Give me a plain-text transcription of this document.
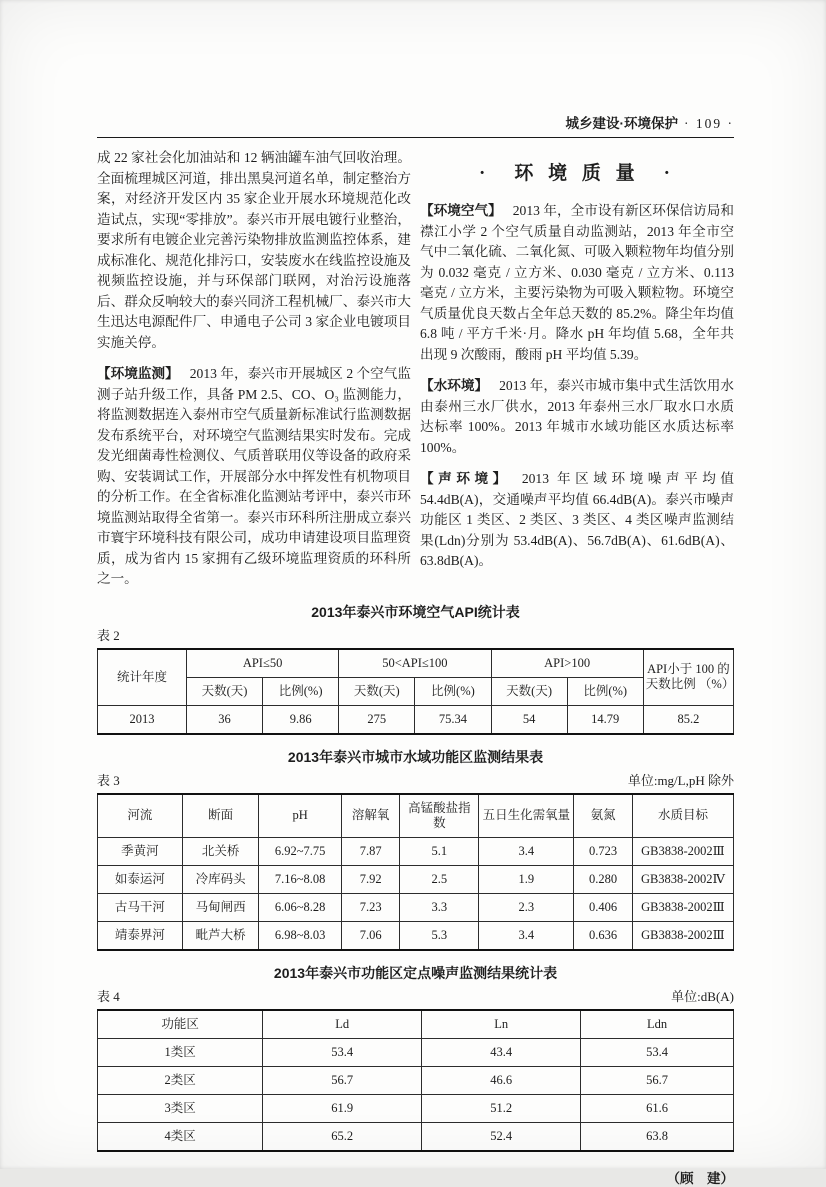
城乡建设·环境保护 · 109 ·

成 22 家社会化加油站和 12 辆油罐车油气回收治理。全面梳理城区河道，排出黑臭河道名单，制定整治方案，对经济开发区内 35 家企业开展水环境规范化改造试点，实现“零排放”。泰兴市开展电镀行业整治，要求所有电镀企业完善污染物排放监测监控体系，建成标准化、规范化排污口，安装废水在线监控设施及视频监控设施，并与环保部门联网，对治污设施落后、群众反响较大的泰兴同济工程机械厂、泰兴市大生迅达电源配件厂、申通电子公司 3 家企业电镀项目实施关停。

【环境监测】 2013 年，泰兴市开展城区 2 个空气监测子站升级工作，具备 PM 2.5、CO、O₃ 监测能力，将监测数据连入泰州市空气质量新标准试行监测数据发布系统平台，对环境空气监测结果实时发布。完成发光细菌毒性检测仪、气质普联用仪等设备的政府采购、安装调试工作，开展部分水中挥发性有机物项目的分析工作。在全省标准化监测站考评中，泰兴市环境监测站取得全省第一。泰兴市环科所注册成立泰兴市寰宇环境科技有限公司，成功申请建设项目监理资质，成为省内 15 家拥有乙级环境监理资质的环科所之一。

·　环 境 质 量　·

【环境空气】 2013 年，全市设有新区环保信访局和襟江小学 2 个空气质量自动监测站，2013 年全市空气中二氧化硫、二氧化氮、可吸入颗粒物年均值分别为 0.032 毫克 / 立方米、0.030 毫克 / 立方米、0.113 毫克 / 立方米，主要污染物为可吸入颗粒物。环境空气质量优良天数占全年总天数的 85.2%。降尘年均值 6.8 吨 / 平方千米·月。降水 pH 年均值 5.68，全年共出现 9 次酸雨，酸雨 pH 平均值 5.39。

【水环境】 2013 年，泰兴市城市集中式生活饮用水由泰州三水厂供水，2013 年泰州三水厂取水口水质达标率 100%。2013 年城市水域功能区水质达标率 100%。

【声环境】 2013 年区域环境噪声平均值 54.4dB(A)，交通噪声平均值 66.4dB(A)。泰兴市噪声功能区 1 类区、2 类区、3 类区、4 类区噪声监测结果(Ldn)分别为 53.4dB(A)、56.7dB(A)、61.6dB(A)、63.8dB(A)。

2013年泰兴市环境空气API统计表

表 2
统计年度	API≤50		50<API≤100		API>100		API小于 100 的天数比例 （%）
	天数(天)	比例(%)	天数(天)	比例(%)	天数(天)	比例(%)	
2013	36	9.86	275	75.34	54	14.79	85.2

2013年泰兴市城市水域功能区监测结果表

表 3	单位:mg/L,pH 除外
河流	断面	pH	溶解氧	高锰酸盐指数	五日生化需氧量	氨氮	水质目标
季黄河	北关桥	6.92~7.75	7.87	5.1	3.4	0.723	GB3838-2002Ⅲ
如泰运河	冷库码头	7.16~8.08	7.92	2.5	1.9	0.280	GB3838-2002Ⅳ
古马干河	马甸闸西	6.06~8.28	7.23	3.3	2.3	0.406	GB3838-2002Ⅲ
靖泰界河	毗芦大桥	6.98~8.03	7.06	5.3	3.4	0.636	GB3838-2002Ⅲ

2013年泰兴市功能区定点噪声监测结果统计表

表 4	单位:dB(A)
功能区	Ld	Ln	Ldn
1类区	53.4	43.4	53.4
2类区	56.7	46.6	56.7
3类区	61.9	51.2	61.6
4类区	65.2	52.4	63.8
（顾　建）
